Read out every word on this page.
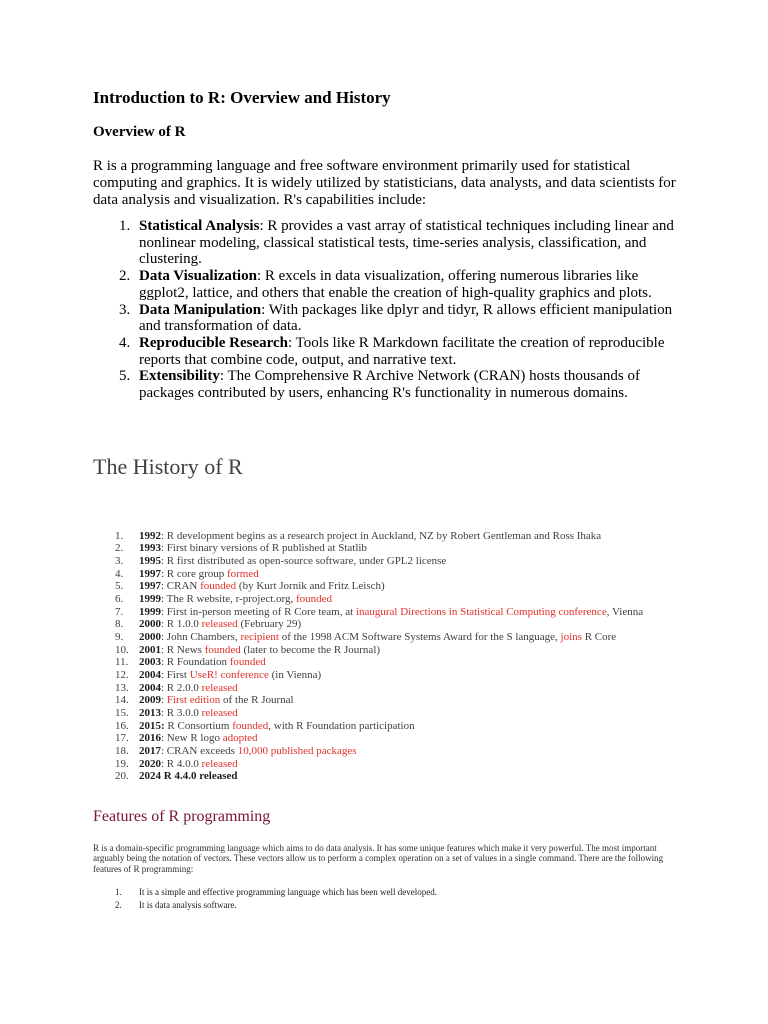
Introduction to R: Overview and History
Overview of R

R is a programming language and free software environment primarily used for statistical computing and graphics. It is widely utilized by statisticians, data analysts, and data scientists for data analysis and visualization. R's capabilities include:

1. Statistical Analysis: R provides a vast array of statistical techniques including linear and nonlinear modeling, classical statistical tests, time-series analysis, classification, and clustering.
2. Data Visualization: R excels in data visualization, offering numerous libraries like ggplot2, lattice, and others that enable the creation of high-quality graphics and plots.
3. Data Manipulation: With packages like dplyr and tidyr, R allows efficient manipulation and transformation of data.
4. Reproducible Research: Tools like R Markdown facilitate the creation of reproducible reports that combine code, output, and narrative text.
5. Extensibility: The Comprehensive R Archive Network (CRAN) hosts thousands of packages contributed by users, enhancing R's functionality in numerous domains.
The History of R
1.	1992 : R development begins as a research project in Auckland, NZ by Robert Gentleman and Ross Ihaka
2.	1993 : First binary versions of R published at Statlib
3.	1995 : R first distributed as open-source software, under GPL2 license
4.	1997 : R core group formed
5.	1997 : CRAN founded (by Kurt Jornik and Fritz Leisch)
6.	1999 : The R website, r-project.org, founded
7.	1999 : First in-person meeting of R Core team, at inaugural Directions in Statistical Computing conference , Vienna
8.	2000 : R 1.0.0 released (February 29)
9.	2000 : John Chambers, recipient of the 1998 ACM Software Systems Award for the S language, joins R Core
10. 2001 : R News founded (later to become the R Journal)
11. 2003 : R Foundation founded
12. 2004 : First UseR! conference (in Vienna)
13. 2004 : R 2.0.0 released
14. 2009 : First edition of the R Journal
15. 2013 : R 3.0.0 released
16. 2015: R Consortium founded , with R Foundation participation
17. 2016 : New R logo adopted
18. 2017 : CRAN exceeds 10,000 published packages
19. 2020 : R 4.0.0 released
20. 2024 R 4.4.0 released
Features of R programming

R is a domain-specific programming language which aims to do data analysis. It has some unique features which make it very powerful. The most important arguably being the notation of vectors. These vectors allow us to perform a complex operation on a set of values in a single command. There are the following features of R programming:

1.	It is a simple and effective programming language which has been well developed.
2.	It is data analysis software.
